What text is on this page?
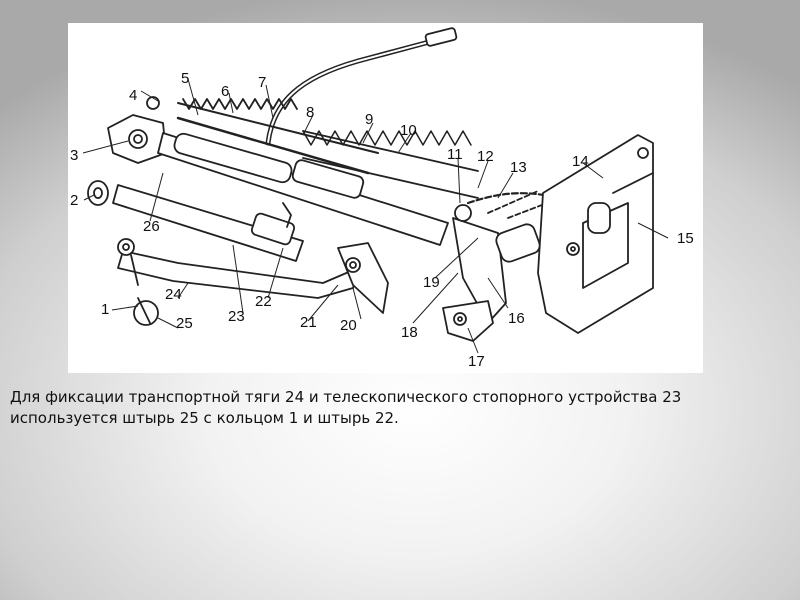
1
2
3
4
5
6
7
8	9
10
11 12
13	14
15
16
17
18
19
20
21
22
23
24
25
26
Для фиксации транспортной тяги 24 и телескопического стопорного устройства 23 используется штырь 25 с кольцом 1 и штырь 22.
